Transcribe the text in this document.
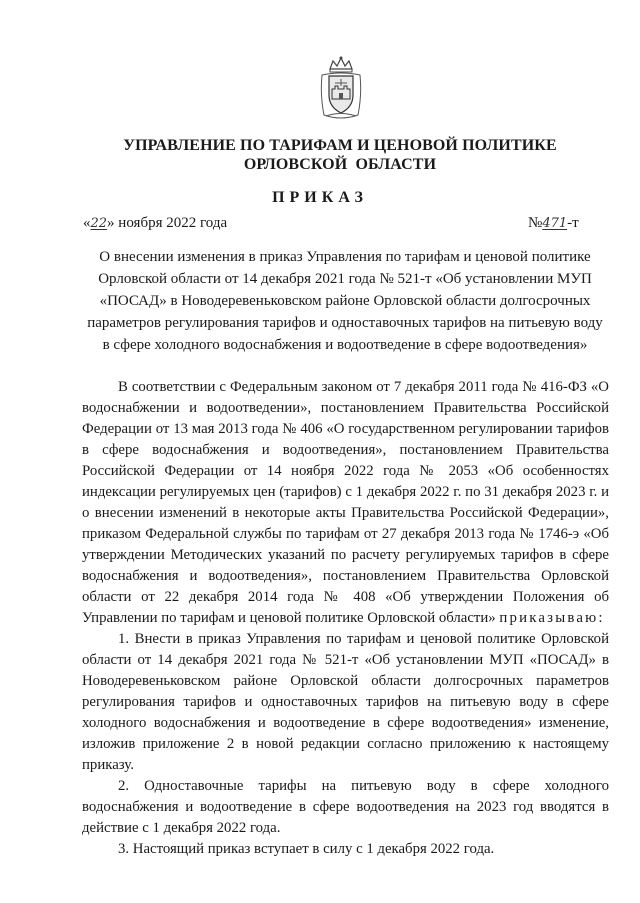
УПРАВЛЕНИЕ ПО ТАРИФАМ И ЦЕНОВОЙ ПОЛИТИКЕ
ОРЛОВСКОЙ  ОБЛАСТИ
ПРИКАЗ
«22» ноября 2022 года	№471-т
О внесении изменения в приказ Управления по тарифам и ценовой политике Орловской области от 14 декабря 2021 года № 521-т «Об установлении МУП «ПОСАД» в Новодеревеньковском районе Орловской области долгосрочных параметров регулирования тарифов и одноставочных тарифов на питьевую воду в сфере холодного водоснабжения и водоотведение в сфере водоотведения»

В соответствии с Федеральным законом от 7 декабря 2011 года № 416-ФЗ «О водоснабжении и водоотведении», постановлением Правительства Российской Федерации от 13 мая 2013 года № 406 «О государственном регулировании тарифов в сфере водоснабжения и водоотведения», постановлением Правительства Российской Федерации от 14 ноября 2022 года № 2053 «Об особенностях индексации регулируемых цен (тарифов) с 1 декабря 2022 г. по 31 декабря 2023 г. и о внесении изменений в некоторые акты Правительства Российской Федерации», приказом Федеральной службы по тарифам от 27 декабря 2013 года № 1746-э «Об утверждении Методических указаний по расчету регулируемых тарифов в сфере водоснабжения и водоотведения», постановлением Правительства Орловской области от 22 декабря 2014 года № 408 «Об утверждении Положения об Управлении по тарифам и ценовой политике Орловской области» приказываю:

1. Внести в приказ Управления по тарифам и ценовой политике Орловской области от 14 декабря 2021 года № 521-т «Об установлении МУП «ПОСАД» в Новодеревеньковском районе Орловской области долгосрочных параметров регулирования тарифов и одноставочных тарифов на питьевую воду в сфере холодного водоснабжения и водоотведение в сфере водоотведения» изменение, изложив приложение 2 в новой редакции согласно приложению к настоящему приказу.

2. Одноставочные тарифы на питьевую воду в сфере холодного водоснабжения и водоотведение в сфере водоотведения на 2023 год вводятся в действие с 1 декабря 2022 года.

3. Настоящий приказ вступает в силу с 1 декабря 2022 года.
